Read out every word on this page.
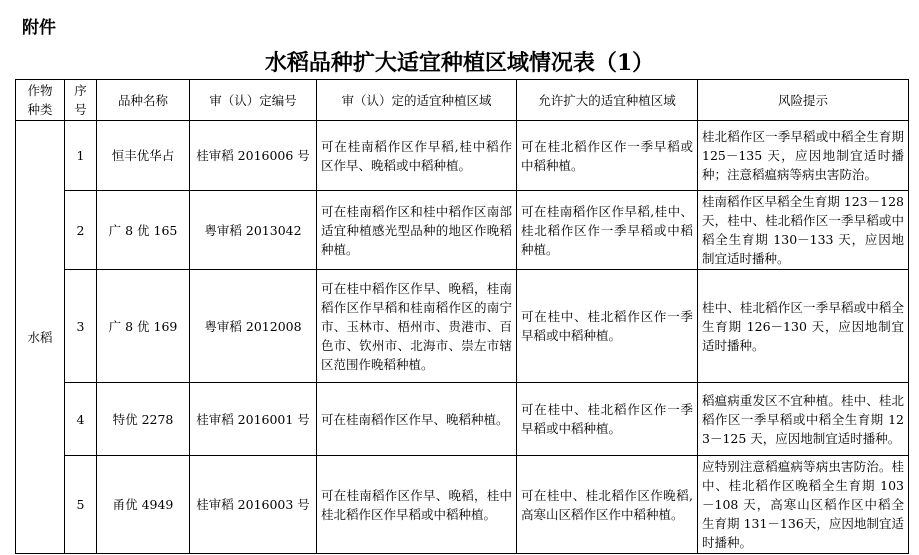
附件
水稻品种扩大适宜种植区域情况表（1）
作物种类	序号	品种名称	审（认）定编号	审（认）定的适宜种植区域	允许扩大的适宜种植区域	风险提示
水稻	1	恒丰优华占	桂审稻 2016006 号	可在桂南稻作区作早稻,桂中稻作区作早、晚稻或中稻种植。	可在桂北稻作区作一季早稻或中稻种植。	桂北稻作区一季早稻或中稻全生育期 125－135 天，应因地制宜适时播种；注意稻瘟病等病虫害防治。
	2	广 8 优 165	粤审稻 2013042	可在桂南稻作区和桂中稻作区南部适宜种植感光型品种的地区作晚稻种植。	可在桂南稻作区作早稻,桂中、桂北稻作区作一季早稻或中稻种植。	桂南稻作区早稻全生育期 123－128 天，桂中、桂北稻作区一季早稻或中稻全生育期 130－133 天，应因地制宜适时播种。
	3	广 8 优 169	粤审稻 2012008	可在桂中稻作区作早、晚稻，桂南稻作区作早稻和桂南稻作区的南宁市、玉林市、梧州市、贵港市、百色市、钦州市、北海市、崇左市辖区范围作晚稻种植。	可在桂中、桂北稻作区作一季早稻或中稻种植。	桂中、桂北稻作区一季早稻或中稻全生育期 126－130 天，应因地制宜适时播种。
	4	特优 2278	桂审稻 2016001 号	可在桂南稻作区作早、晚稻种植。	可在桂中、桂北稻作区作一季早稻或中稻种植。	稻瘟病重发区不宜种植。桂中、桂北稻作区一季早稻或中稻全生育期 123－125 天，应因地制宜适时播种。
	5	甬优 4949	桂审稻 2016003 号	可在桂南稻作区作早、晚稻，桂中桂北稻作区作早稻或中稻种植。	可在桂中、桂北稻作区作晚稻,高寒山区稻作区作中稻种植。	应特别注意稻瘟病等病虫害防治。桂中、桂北稻作区晚稻全生育期 103－108 天，高寒山区稻作区中稻全生育期 131－136天，应因地制宜适时播种。
